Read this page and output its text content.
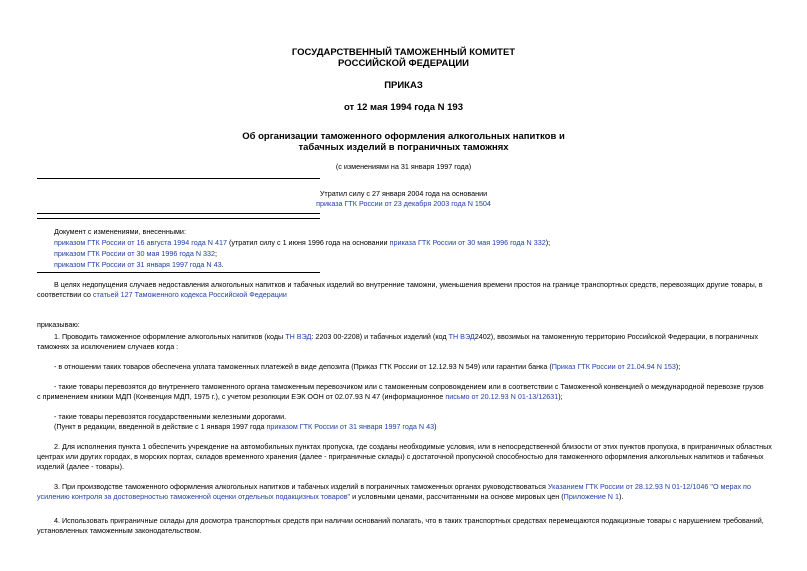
ГОСУДАРСТВЕННЫЙ ТАМОЖЕННЫЙ КОМИТЕТ
РОССИЙСКОЙ ФЕДЕРАЦИИ
ПРИКАЗ
от 12 мая 1994 года N 193
Об организации таможенного оформления алкогольных напитков и
табачных изделий в пограничных таможнях
(с изменениями на 31 января 1997 года)
Утратил силу с 27 января 2004 года на основании
приказа ГТК России от 23 декабря 2003 года N 1504
Документ с изменениями, внесенными:
приказом ГТК России от 16 августа 1994 года N 417 (утратил силу с 1 июня 1996 года на основании приказа ГТК России от 30 мая 1996 года N 332);
приказом ГТК России от 30 мая 1996 года N 332;
приказом ГТК России от 31 января 1997 года N 43.
В целях недопущения случаев недоставления алкогольных напитков и табачных изделий во внутренние таможни, уменьшения времени простоя на границе транспортных средств, перевозящих другие товары, в
соответствии со статьей 127 Таможенного кодекса Российской Федерации
приказываю:
1. Проводить таможенное оформление алкогольных напитков (коды ТН ВЭД: 2203 00-2208) и табачных изделий (код ТН ВЭД2402), ввозимых на таможенную территорию Российской Федерации, в пограничных
таможнях за исключением случаев когда :
- в отношении таких товаров обеспечена уплата таможенных платежей в виде депозита (Приказ ГТК России от 12.12.93 N 549) или гарантии банка (Приказ ГТК России от 21.04.94 N 153);
- такие товары перевозятся до внутреннего таможенного органа таможенным перевозчиком или с таможенным сопровождением или в соответствии с Таможенной конвенцией о международной перевозке грузов
с применением книжки МДП (Конвенция МДП, 1975 г.), с учетом резолюции ЕЭК ООН от 02.07.93 N 47 (информационное письмо от 20.12.93 N 01-13/12631);
- такие товары перевозятся государственными железными дорогами.
(Пункт в редакции, введенной в действие с 1 января 1997 года приказом ГТК России от 31 января 1997 года N 43)
2. Для исполнения пункта 1 обеспечить учреждение на автомобильных пунктах пропуска, где созданы необходимые условия, или в непосредственной близости от этих пунктов пропуска, в приграничных областных
центрах или других городах, в морских портах, складов временного хранения (далее - приграничные склады) с достаточной пропускной способностью для таможенного оформления алкогольных напитков и табачных
изделий (далее - товары).
3. При производстве таможенного оформления алкогольных напитков и табачных изделий в пограничных таможенных органах руководствоваться Указанием ГТК России от 28.12.93 N 01-12/1046 "О мерах по
усилению контроля за достоверностью таможенной оценки отдельных подакцизных товаров" и условными ценами, рассчитанными на основе мировых цен (Приложение N 1).
4. Использовать приграничные склады для досмотра транспортных средств при наличии оснований полагать, что в таких транспортных средствах перемещаются подакцизные товары с нарушением требований,
установленных таможенным законодательством.
